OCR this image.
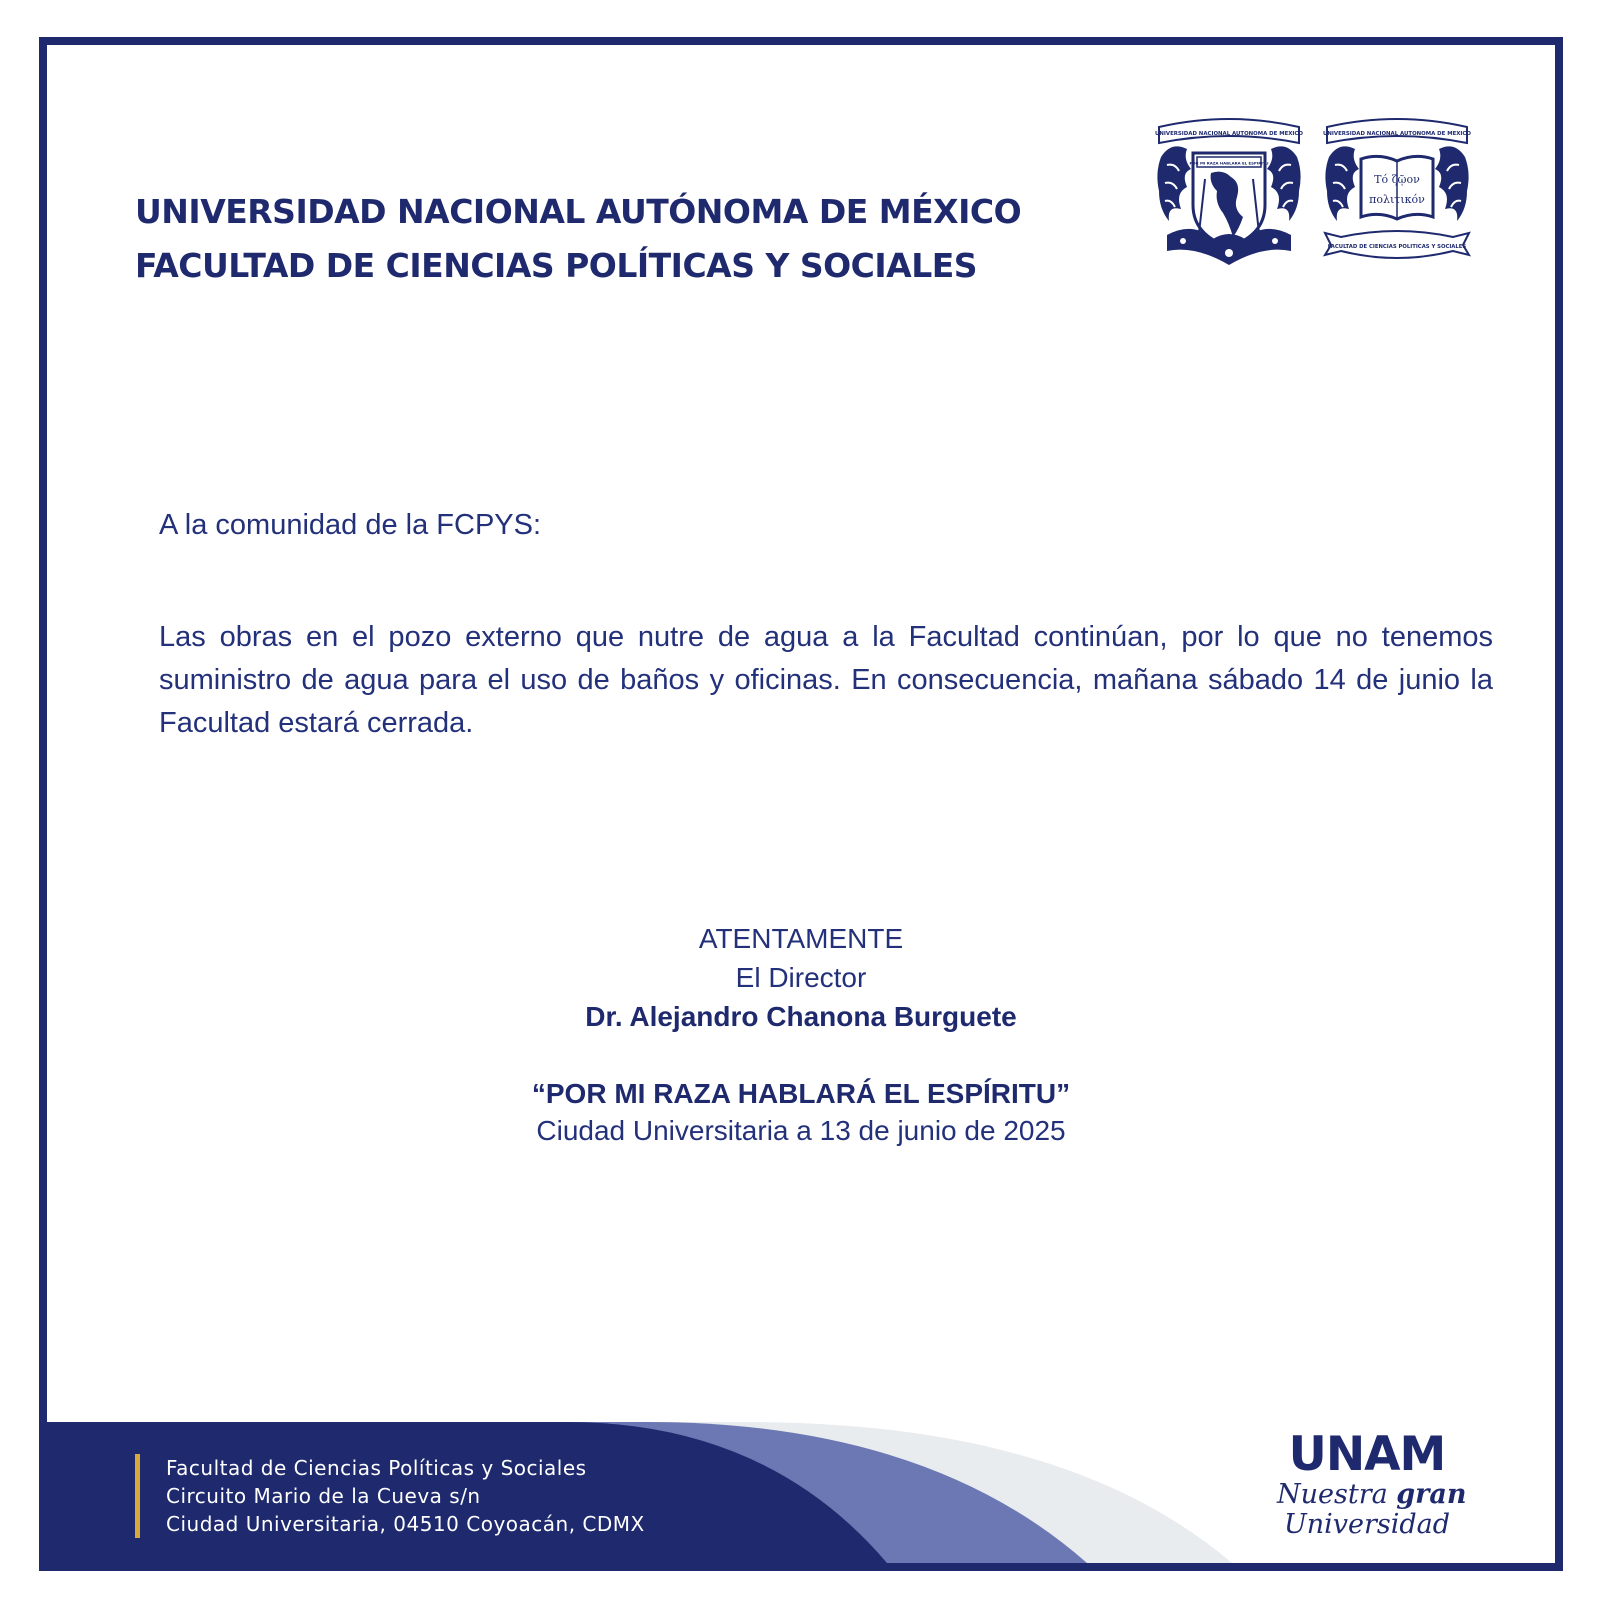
UNIVERSIDAD NACIONAL AUTÓNOMA DE MÉXICO
FACULTAD DE CIENCIAS POLÍTICAS Y SOCIALES
UNIVERSIDAD NACIONAL AUTONOMA DE MEXICO
POR MI RAZA HABLARA EL ESPIRITU
UNIVERSIDAD NACIONAL AUTONOMA DE MEXICO
Τό ζῷον
πολιτικόν
FACULTAD DE CIENCIAS POLITICAS Y SOCIALES

A la comunidad de la FCPYS:

Las obras en el pozo externo que nutre de agua a la Facultad continúan, por lo que no tenemos suministro de agua para el uso de baños y oficinas. En consecuencia, mañana sábado 14 de junio la Facultad estará cerrada.

ATENTAMENTE

El Director

Dr. Alejandro Chanona Burguete

“POR MI RAZA HABLARÁ EL ESPÍRITU”

Ciudad Universitaria a 13 de junio de 2025

Facultad de Ciencias Políticas y Sociales
Circuito Mario de la Cueva s/n
Ciudad Universitaria, 04510 Coyoacán, CDMX
UNAM
Nuestra gran
Universidad
